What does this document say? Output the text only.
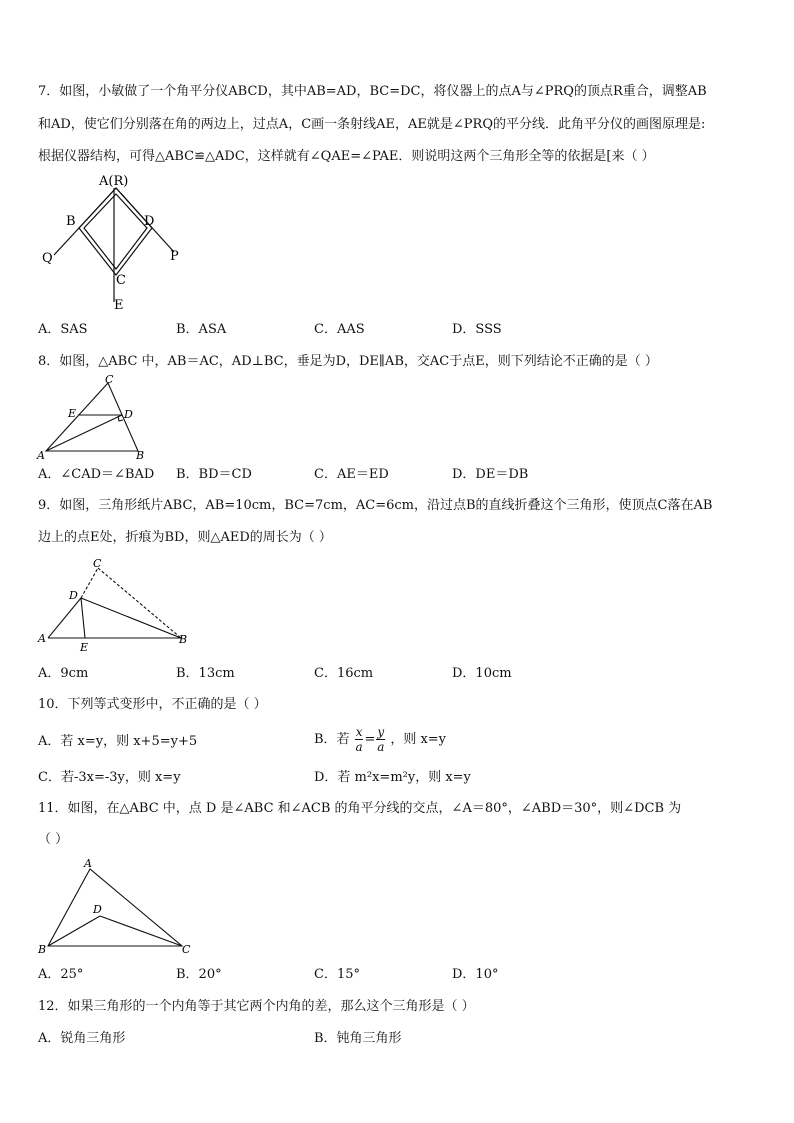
7．如图，小敏做了一个角平分仪ABCD，其中AB=AD，BC=DC，将仪器上的点A与∠PRQ的顶点R重合，调整AB
和AD，使它们分别落在角的两边上，过点A，C画一条射线AE，AE就是∠PRQ的平分线．此角平分仪的画图原理是:
根据仪器结构，可得△ABC≌△ADC，这样就有∠QAE=∠PAE．则说明这两个三角形全等的依据是[来（ ）
A(R)
B	D
Q	P
C
E
A．SAS	B．ASA	C．AAS	D．SSS
8．如图，△ABC 中，AB＝AC，AD⊥BC，垂足为D，DE∥AB，交AC于点E，则下列结论不正确的是（ ）
C
E	D
A	B
A．∠CAD＝∠BAD B．BD＝CD	C．AE＝ED	D．DE＝DB
9．如图，三角形纸片ABC，AB=10cm，BC=7cm，AC=6cm，沿过点B的直线折叠这个三角形，使顶点C落在AB
边上的点E处，折痕为BD，则△AED的周长为（ ）
C
D
A
E
B
A．9cm	B．13cm	C．16cm	D．10cm
10．下列等式变形中，不正确的是（ ）
A．若 x=y，则 x+5=y+5	B．若 $\frac{x}{a} = \frac{y}{a}$ ，则 x=y
C．若-3x=-3y，则 x=y	D．若 m²x=m²y，则 x=y
11．如图，在△ABC 中，点 D 是∠ABC 和∠ACB 的角平分线的交点，∠A＝80°，∠ABD＝30°，则∠DCB 为
（ ）
A
D
B	C
A．25°	B．20°	C．15°	D．10°
12．如果三角形的一个内角等于其它两个内角的差，那么这个三角形是（ ）
A．锐角三角形	B．钝角三角形
